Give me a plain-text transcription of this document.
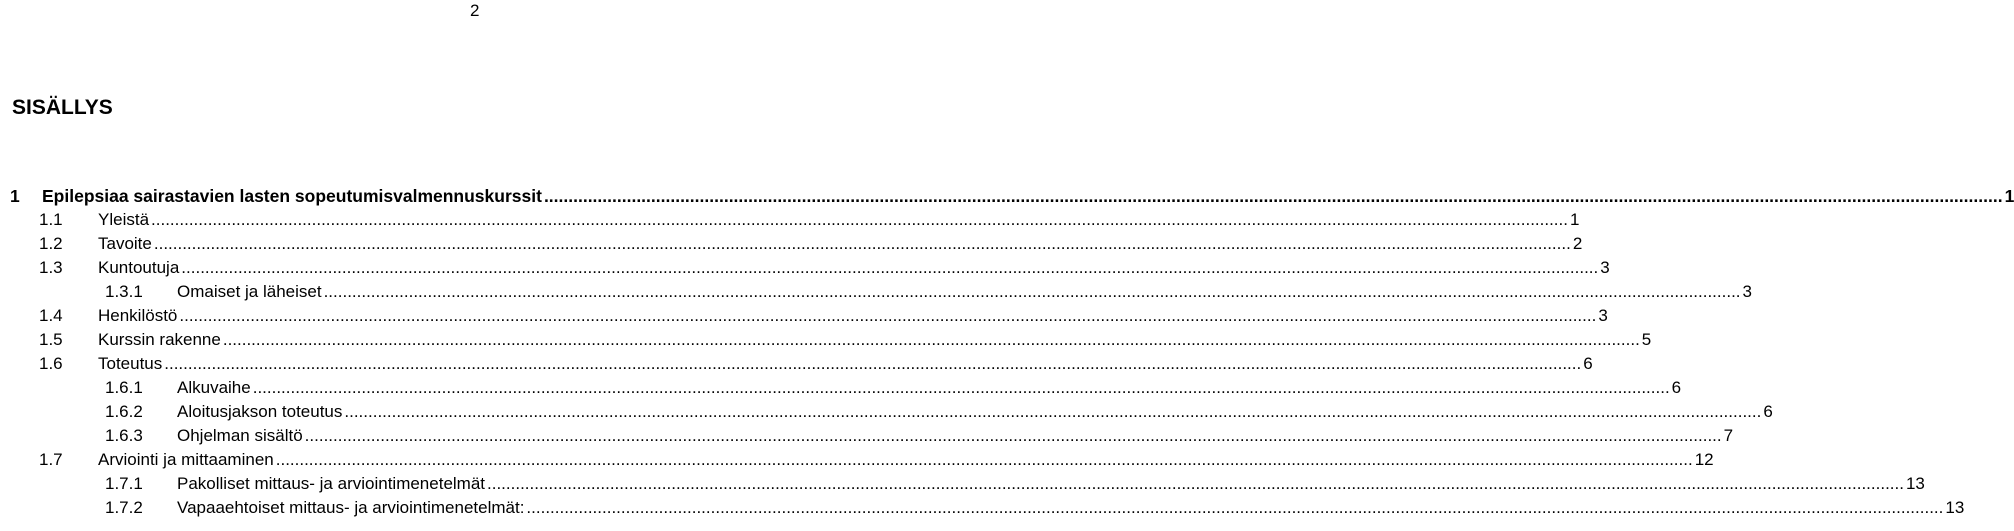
2
SISÄLLYS
1	Epilepsiaa sairastavien lasten sopeutumisvalmennuskurssit ............................................................................................................................................................................................................................................................................................................ 1
1.1	Yleistä ............................................................................................................................................................................................................................................................................................................ 1
1.2	Tavoite ............................................................................................................................................................................................................................................................................................................ 2
1.3	Kuntoutuja ............................................................................................................................................................................................................................................................................................................ 3
1.3.1	Omaiset ja läheiset ............................................................................................................................................................................................................................................................................................................ 3
1.4	Henkilöstö ............................................................................................................................................................................................................................................................................................................ 3
1.5	Kurssin rakenne ............................................................................................................................................................................................................................................................................................................ 5
1.6	Toteutus ............................................................................................................................................................................................................................................................................................................ 6
1.6.1	Alkuvaihe ............................................................................................................................................................................................................................................................................................................ 6
1.6.2	Aloitusjakson toteutus ............................................................................................................................................................................................................................................................................................................ 6
1.6.3	Ohjelman sisältö ............................................................................................................................................................................................................................................................................................................ 7
1.7	Arviointi ja mittaaminen ............................................................................................................................................................................................................................................................................................................ 12
1.7.1	Pakolliset mittaus- ja arviointimenetelmät ............................................................................................................................................................................................................................................................................................................ 13
1.7.2	Vapaaehtoiset mittaus- ja arviointimenetelmät: ............................................................................................................................................................................................................................................................................................................ 13
